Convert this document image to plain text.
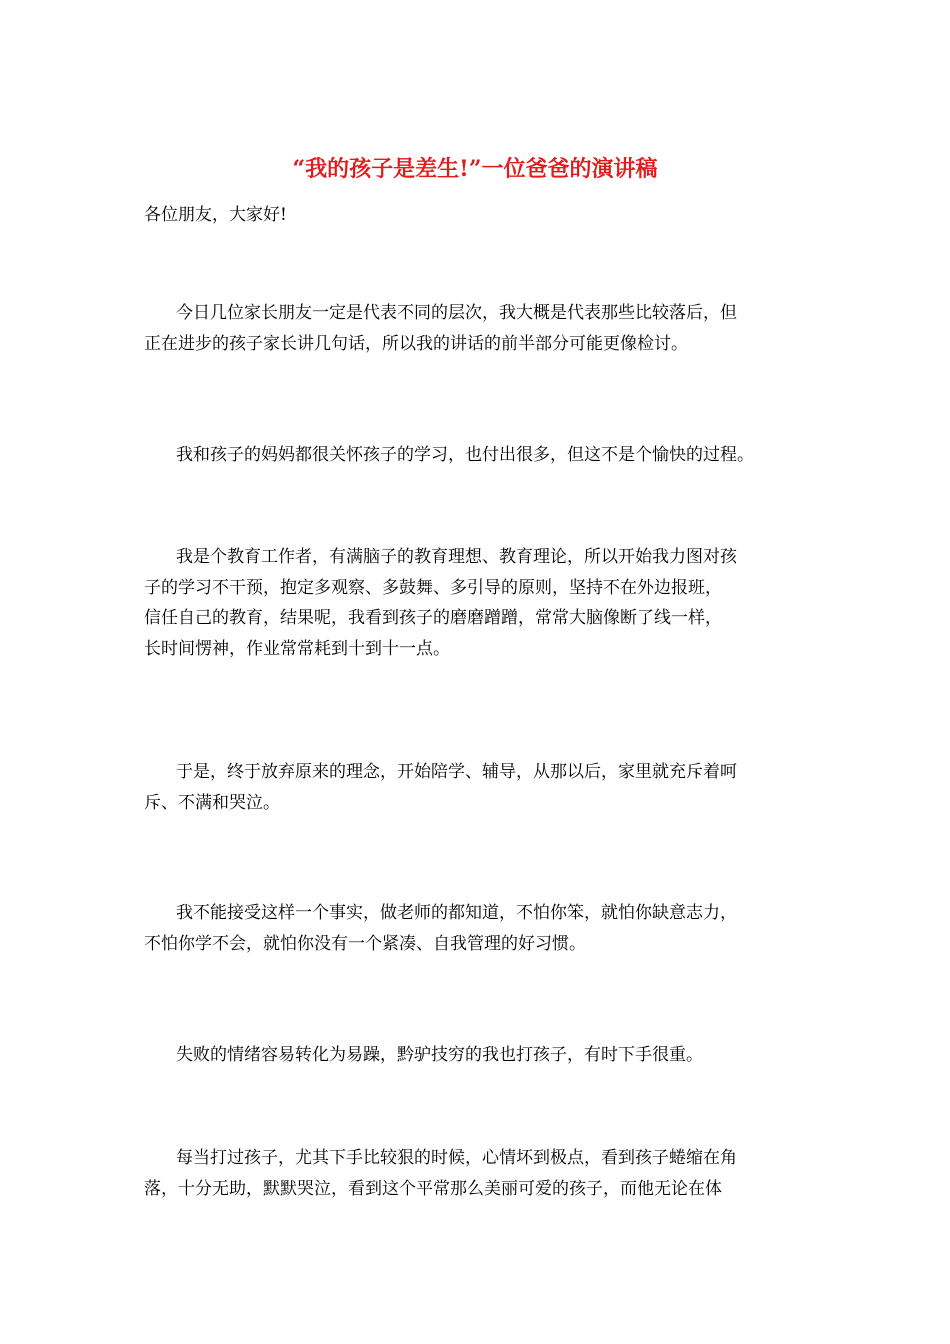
“我的孩子是差生!”一位爸爸的演讲稿

各位朋友，大家好!

今日几位家长朋友一定是代表不同的层次，我大概是代表那些比较落后，但
正在进步的孩子家长讲几句话，所以我的讲话的前半部分可能更像检讨。
我和孩子的妈妈都很关怀孩子的学习，也付出很多，但这不是个愉快的过程。
我是个教育工作者，有满脑子的教育理想、教育理论，所以开始我力图对孩
子的学习不干预，抱定多观察、多鼓舞、多引导的原则，坚持不在外边报班，
信任自己的教育，结果呢，我看到孩子的磨磨蹭蹭，常常大脑像断了线一样，
长时间愣神，作业常常耗到十到十一点。
于是，终于放弃原来的理念，开始陪学、辅导，从那以后，家里就充斥着呵
斥、不满和哭泣。
我不能接受这样一个事实，做老师的都知道，不怕你笨，就怕你缺意志力，
不怕你学不会，就怕你没有一个紧凑、自我管理的好习惯。
失败的情绪容易转化为易躁，黔驴技穷的我也打孩子，有时下手很重。
每当打过孩子，尤其下手比较狠的时候，心情坏到极点，看到孩子蜷缩在角
落，十分无助，默默哭泣，看到这个平常那么美丽可爱的孩子，而他无论在体
